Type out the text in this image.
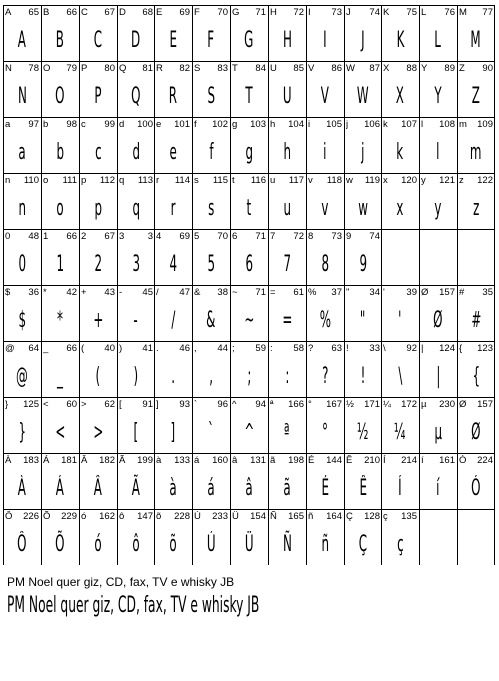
A 65
A
B 66
B
C 67
C
D 68
D
E 69
E
F 70
F
G 71
G
H 72
H
I 73
I
J 74
J
K 75
K
L 76
L
M 77
M
N 78
N
O 79
O
P 80
P
Q 81
Q
R 82
R
S 83
S
T 84
T
U 85
U
V 86
V
W 87
W
X 88
X
Y 89
Y
Z 90
Z
a 97
a
b 98
b
c 99
c
d 100
d
e 101
e
f 102
f
g 103
g
h 104
h
i 105
i
j 106
j
k 107
k
l 108
l
m 109
m
n 110
n
o 111
o
p 112
p
q 113
q
r 114
r
s 115
s
t 116
t
u 117
u
v 118
v
w 119
w
x 120
x
y 121
y
z 122
z
0 48
0
1 66
1
2 67
2
3 3
3
4 69
4
5 70
5
6 71
6
7 72
7
8 73
8
9 74
9
$ 36
$
* 42
*
+ 43
+
- 45
-
/ 47
/
& 38
&
~ 71
~
= 61
=
% 37
%
" 34
"
' 39
'
Ø 157
Ø
# 35
#
@ 64
@
_ 66
_
( 40
(
) 41
)
. 46
.
, 44
,
; 59
;
: 58
:
? 63
?
! 33
!
\ 92
\
| 124
|
{ 123
{
} 125
}
< 60
<
> 62
>
[ 91
[
] 93
]
` 96
`
^ 94
^
ª 166
ª
° 167
°
½ 171
½
¼ 172
¼
µ 230
µ
Ø 157
Ø
À 183
À
Á 181
Á
Â 182
Â
Ã 199
Ã
à 133
à
á 160
á
â 131
â
ã 198
ã
É 144
É
Ê 210
Ê
Í 214
Í
í 161
í
Ó 224
Ó
Ô 226
Ô
Õ 229
Õ
ó 162
ó
ô 147
ô
õ 228
õ
Ú 233
Ú
Ü 154
Ü
Ñ 165
Ñ
ñ 164
ñ
Ç 128
Ç
ç 135
ç
PM Noel quer giz, CD, fax, TV e whisky JB
PM Noel quer giz, CD, fax, TV e whisky JB
